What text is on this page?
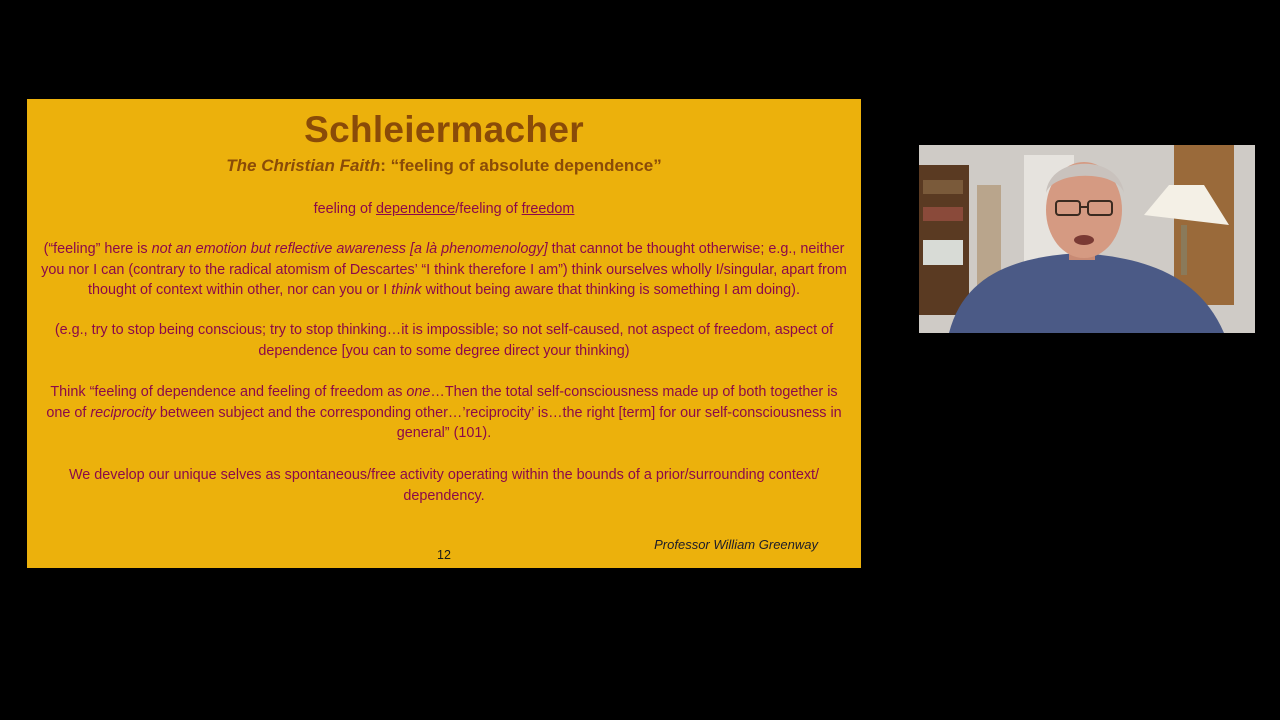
Schleiermacher
The Christian Faith: “feeling of absolute dependence”
feeling of dependence/feeling of freedom
(“feeling” here is not an emotion but reflective awareness [a là phenomenology] that cannot be thought otherwise; e.g., neither you nor I can (contrary to the radical atomism of Descartes’ “I think therefore I am”) think ourselves wholly I/singular, apart from thought of context within other, nor can you or I think without being aware that thinking is something I am doing).
(e.g., try to stop being conscious; try to stop thinking…it is impossible; so not self-caused, not aspect of freedom, aspect of dependence [you can to some degree direct your thinking)
Think “feeling of dependence and feeling of freedom as one…Then the total self-consciousness made up of both together is one of reciprocity between subject and the corresponding other…’reciprocity’ is…the right [term] for our self-consciousness in general” (101).
We develop our unique selves as spontaneous/free activity operating within the bounds of a prior/surrounding context/ dependency.
12
Professor William Greenway
